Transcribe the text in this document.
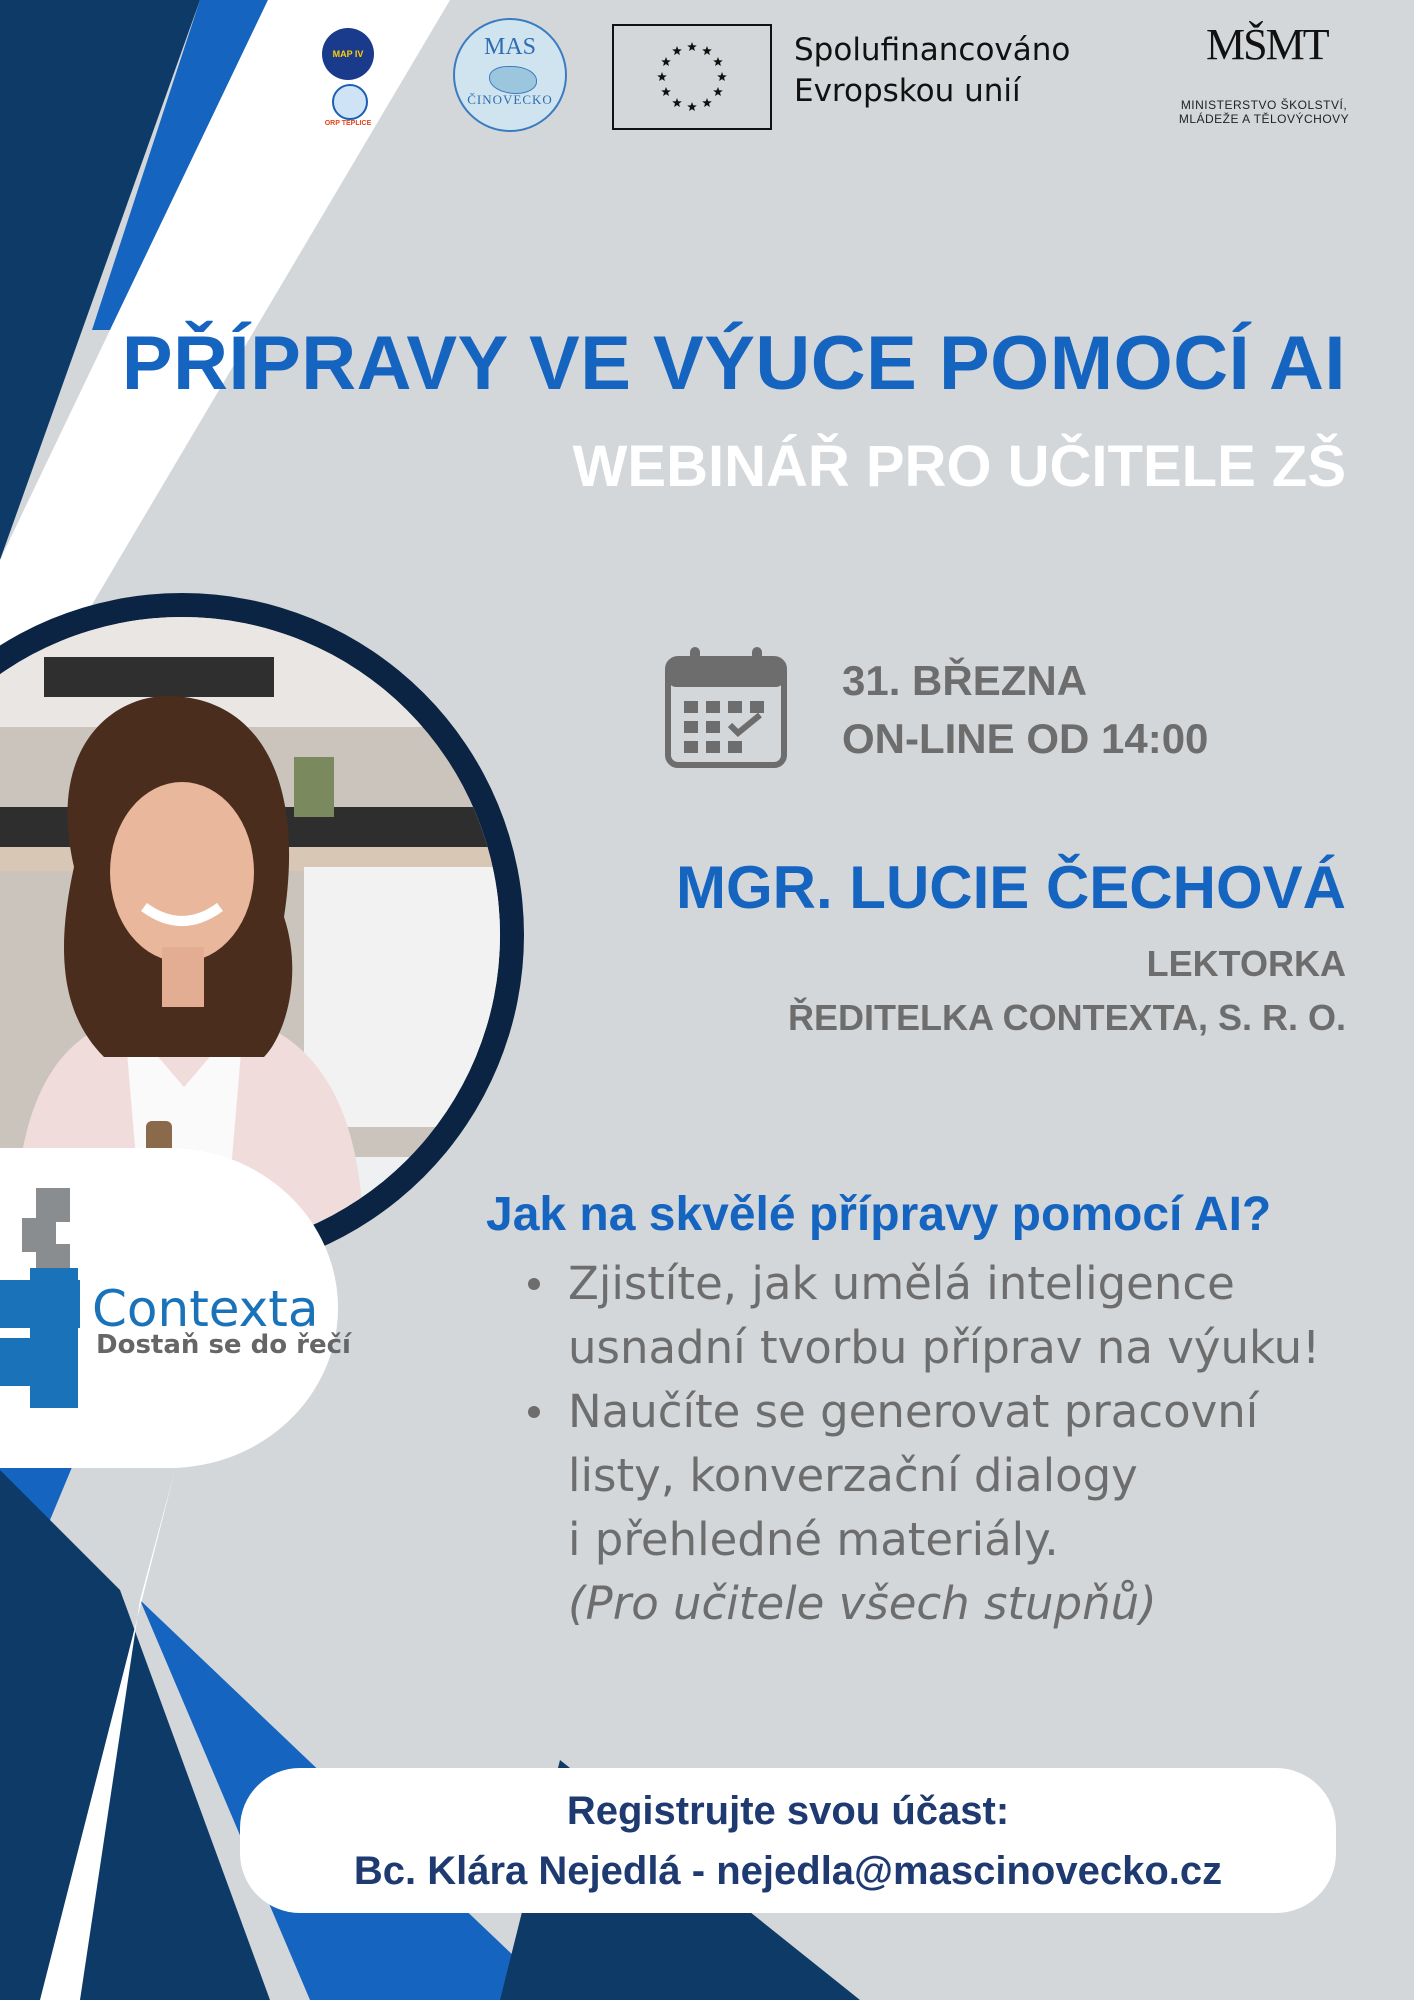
MAP IV
ORP TEPLICE
MAS
ČINOVECKO
Spolufinancováno
Evropskou unií
MŠMT
MINISTERSTVO ŠKOLSTVÍ,
MLÁDEŽE A TĚLOVÝCHOVY
PŘÍPRAVY VE VÝUCE POMOCÍ AI
WEBINÁŘ PRO UČITELE ZŠ
Contexta
Dostaň se do řečí
31. BŘEZNA
ON-LINE OD 14:00
MGR. LUCIE ČECHOVÁ
LEKTORKA
ŘEDITELKA CONTEXTA, S. R. O.
Jak na skvělé přípravy pomocí AI?
Zjistíte, jak umělá inteligence
usnadní tvorbu příprav na výuku!
Naučíte se generovat pracovní
listy, konverzační dialogy
i přehledné materiály.
(Pro učitele všech stupňů)
Registrujte svou účast:
Bc. Klára Nejedlá - nejedla@mascinovecko.cz
